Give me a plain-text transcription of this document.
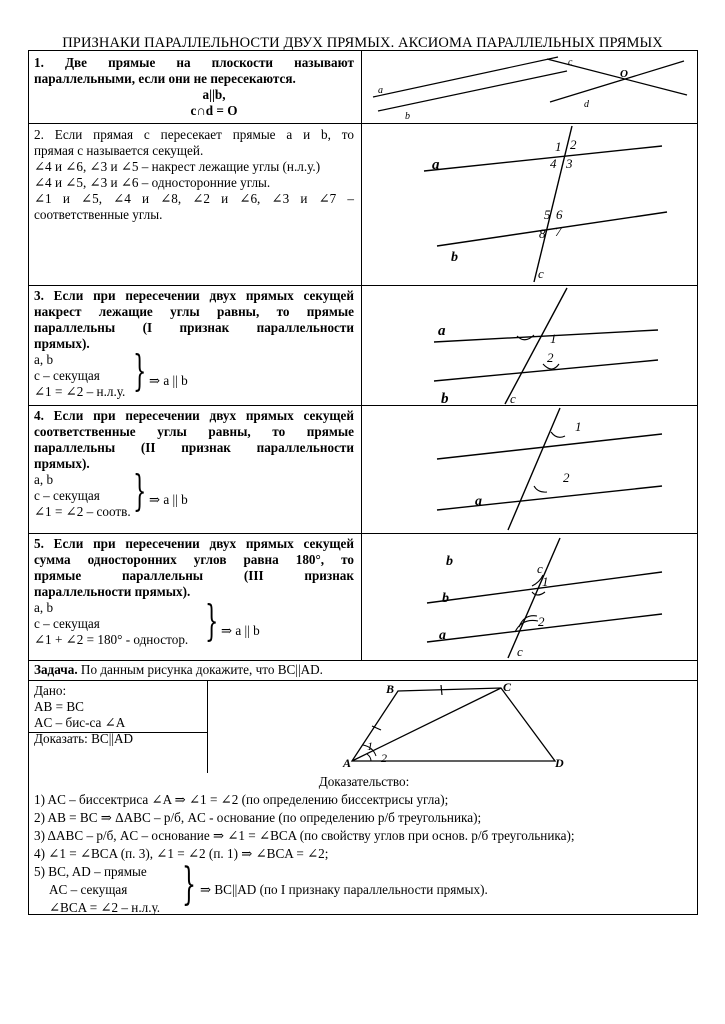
ПРИЗНАКИ ПАРАЛЛЕЛЬНОСТИ ДВУХ ПРЯМЫХ. АКСИОМА ПАРАЛЛЕЛЬНЫХ ПРЯМЫХ
1. Две прямые на плоскости называют
параллельными, если они не пересекаются.
a||b,
c∩d = O
a
b
c
d
O
2. Если прямая с пересекает прямые a и b, то
прямая с называется секущей.
∠4 и ∠6, ∠3 и ∠5 – накрест лежащие углы (н.л.у.)
∠4 и ∠5, ∠3 и ∠6 – односторонние углы.
∠1 и ∠5, ∠4 и ∠8, ∠2 и ∠6, ∠3 и ∠7 –
соответственные углы.
a
b
c
1 2
3
4
5 6
7
8
3. Если при пересечении двух прямых секущей
накрест лежащие углы равны, то прямые
параллельны (I признак параллельности
прямых).
a, b
c – секущая
∠1 = ∠2 – н.л.у. } ⇒ a || b
a
b	c
1
2
4. Если при пересечении двух прямых секущей
соответственные углы равны, то прямые
параллельны (II признак параллельности
прямых).
a, b
c – секущая
∠1 = ∠2 – соотв. } ⇒ a || b	a
b	c
1
2
5. Если при пересечении двух прямых секущей
сумма односторонних углов равна 180°, то
прямые параллельны (III признак
параллельности прямых).
a, b
c – секущая
∠1 + ∠2 = 180° - одностор. } ⇒ a || b	a
b
c
1
2
Задача. По данным рисунка докажите, что BC||AD.
Дано:
AB = BC
AC – бис-са ∠A
Доказать: BC||AD
A
B	C
D
1
2
Доказательство:
1) AC – биссектриса ∠A ⇒ ∠1 = ∠2 (по определению биссектрисы угла);
2) AB = BC ⇒ ΔABC – р/б, AC - основание (по определению р/б треугольника);
3) ΔABC – р/б, AC – основание ⇒ ∠1 = ∠BCA (по свойству углов при основ. р/б треугольника);
4) ∠1 = ∠BCA (п. 3), ∠1 = ∠2 (п. 1) ⇒ ∠BCA = ∠2;
5) BC, AD – прямые
AC – секущая
∠BCA = ∠2 – н.л.у. } ⇒ BC||AD (по I признаку параллельности прямых).
